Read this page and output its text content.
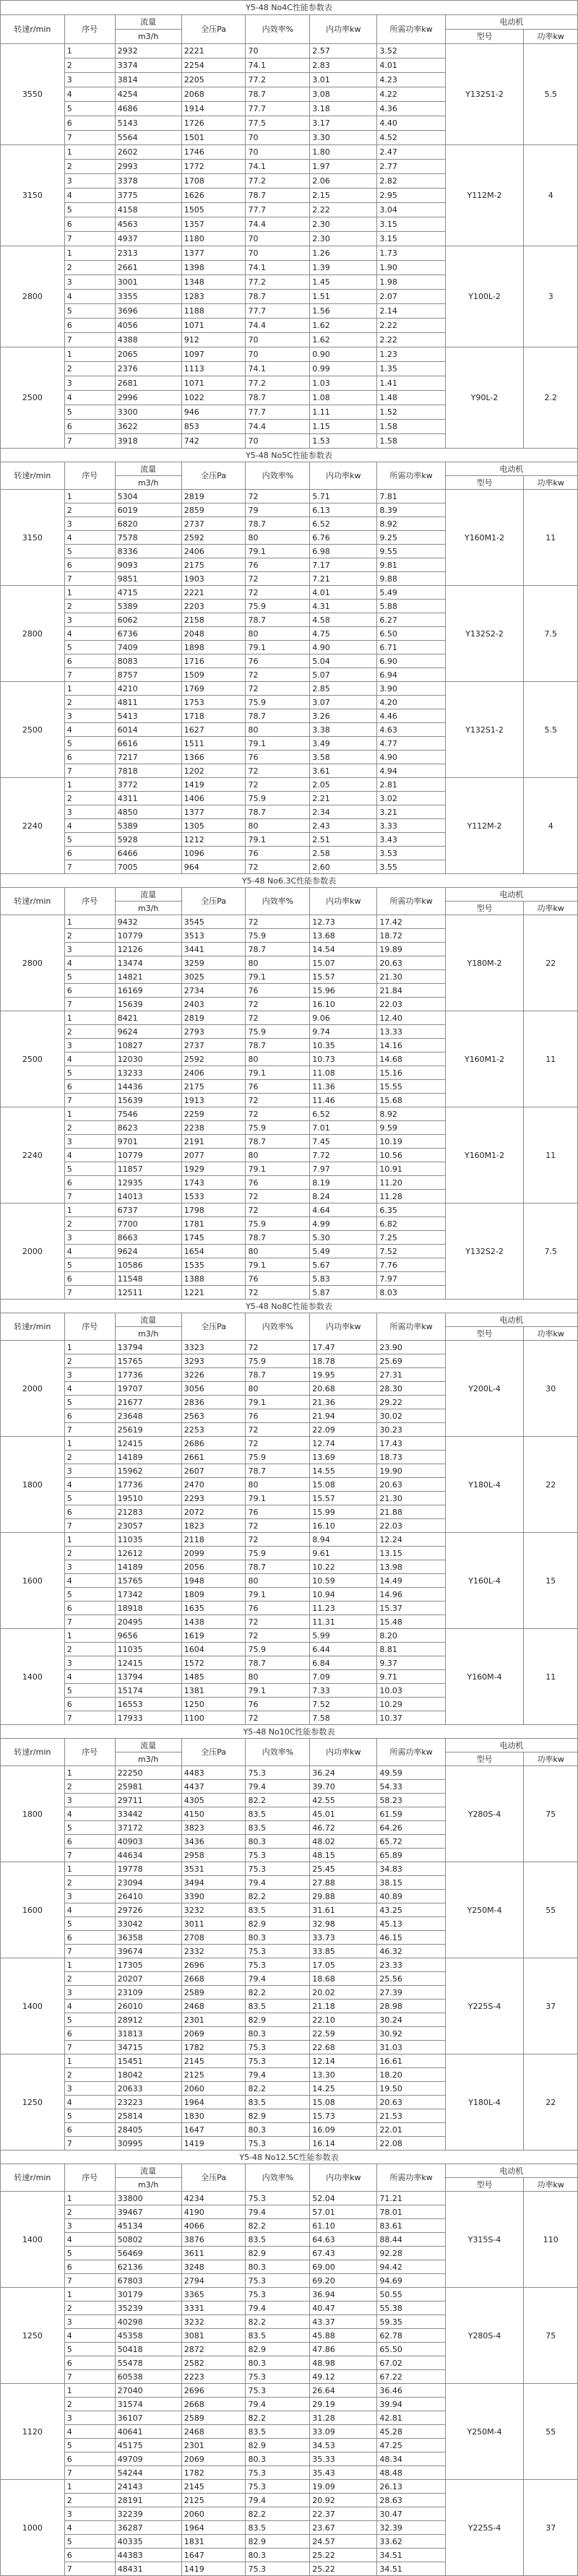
Y5-48 No4C性能参数表								
转速r/min	序号	流量	全压Pa	内效率%	内功率kw	所需功率kw	电动机	
		m3/h					型号	功率kw
3550	1	2932	2221	70	2.57	3.52	Y132S1-2	5.5
	2	3374	2254	74.1	2.83	4.01		
	3	3814	2205	77.2	3.01	4.23		
	4	4254	2068	78.7	3.08	4.22		
	5	4686	1914	77.7	3.18	4.36		
	6	5143	1726	77.5	3.17	4.40		
	7	5564	1501	70	3.30	4.52		
3150	1	2602	1746	70	1.80	2.47	Y112M-2	4
	2	2993	1772	74.1	1.97	2.77		
	3	3378	1708	77.2	2.06	2.82		
	4	3775	1626	78.7	2.15	2.95		
	5	4158	1505	77.7	2.22	3.04		
	6	4563	1357	74.4	2.30	3.15		
	7	4937	1180	70	2.30	3.15		
2800	1	2313	1377	70	1.26	1.73	Y100L-2	3
	2	2661	1398	74.1	1.39	1.90		
	3	3001	1348	77.2	1.45	1.98		
	4	3355	1283	78.7	1.51	2.07		
	5	3696	1188	77.7	1.56	2.14		
	6	4056	1071	74.4	1.62	2.22		
	7	4388	912	70	1.62	2.22		
2500	1	2065	1097	70	0.90	1.23	Y90L-2	2.2
	2	2376	1113	74.1	0.99	1.35		
	3	2681	1071	77.2	1.03	1.41		
	4	2996	1022	78.7	1.08	1.48		
	5	3300	946	77.7	1.11	1.52		
	6	3622	853	74.4	1.15	1.58		
	7	3918	742	70	1.53	1.58		
Y5-48 No5C性能参数表								
转速r/min	序号	流量	全压Pa	内效率%	内功率kw	所需功率kw	电动机	
		m3/h					型号	功率kw
3150	1	5304	2819	72	5.71	7.81	Y160M1-2	11
	2	6019	2859	79	6.13	8.39		
	3	6820	2737	78.7	6.52	8.92		
	4	7578	2592	80	6.76	9.25		
	5	8336	2406	79.1	6.98	9.55		
	6	9093	2175	76	7.17	9.81		
	7	9851	1903	72	7.21	9.88		
2800	1	4715	2221	72	4.01	5.49	Y132S2-2	7.5
	2	5389	2203	75.9	4.31	5.88		
	3	6062	2158	78.7	4.58	6.27		
	4	6736	2048	80	4.75	6.50		
	5	7409	1898	79.1	4.90	6.71		
	6	8083	1716	76	5.04	6.90		
	7	8757	1509	72	5.07	6.94		
2500	1	4210	1769	72	2.85	3.90	Y132S1-2	5.5
	2	4811	1753	75.9	3.07	4.20		
	3	5413	1718	78.7	3.26	4.46		
	4	6014	1627	80	3.38	4.63		
	5	6616	1511	79.1	3.49	4.77		
	6	7217	1366	76	3.58	4.90		
	7	7818	1202	72	3.61	4.94		
2240	1	3772	1419	72	2.05	2.81	Y112M-2	4
	2	4311	1406	75.9	2.21	3.02		
	3	4850	1377	78.7	2.34	3.21		
	4	5389	1305	80	2.43	3.33		
	5	5928	1212	79.1	2.51	3.43		
	6	6466	1096	76	2.58	3.53		
	7	7005	964	72	2.60	3.55		
Y5-48 No6.3C性能参数表								
转速r/min	序号	流量	全压Pa	内效率%	内功率kw	所需功率kw	电动机	
		m3/h					型号	功率kw
2800	1	9432	3545	72	12.73	17.42	Y180M-2	22
	2	10779	3513	75.9	13.68	18.72		
	3	12126	3441	78.7	14.54	19.89		
	4	13474	3259	80	15.07	20.63		
	5	14821	3025	79.1	15.57	21.30		
	6	16169	2734	76	15.96	21.84		
	7	15639	2403	72	16.10	22.03		
2500	1	8421	2819	72	9.06	12.40	Y160M1-2	11
	2	9624	2793	75.9	9.74	13.33		
	3	10827	2737	78.7	10.35	14.16		
	4	12030	2592	80	10.73	14.68		
	5	13233	2406	79.1	11.08	15.16		
	6	14436	2175	76	11.36	15.55		
	7	15639	1913	72	11.46	15.68		
2240	1	7546	2259	72	6.52	8.92	Y160M1-2	11
	2	8623	2238	75.9	7.01	9.59		
	3	9701	2191	78.7	7.45	10.19		
	4	10779	2077	80	7.72	10.56		
	5	11857	1929	79.1	7.97	10.91		
	6	12935	1743	76	8.19	11.20		
	7	14013	1533	72	8.24	11.28		
2000	1	6737	1798	72	4.64	6.35	Y132S2-2	7.5
	2	7700	1781	75.9	4.99	6.82		
	3	8663	1745	78.7	5.30	7.25		
	4	9624	1654	80	5.49	7.52		
	5	10586	1535	79.1	5.67	7.76		
	6	11548	1388	76	5.83	7.97		
	7	12511	1221	72	5.87	8.03		
Y5-48 No8C性能参数表								
转速r/min	序号	流量	全压Pa	内效率%	内功率kw	所需功率kw	电动机	
		m3/h					型号	功率kw
2000	1	13794	3323	72	17.47	23.90	Y200L-4	30
	2	15765	3293	75.9	18.78	25.69		
	3	17736	3226	78.7	19.95	27.31		
	4	19707	3056	80	20.68	28.30		
	5	21677	2836	79.1	21.36	29.22		
	6	23648	2563	76	21.94	30.02		
	7	25619	2253	72	22.09	30.23		
1800	1	12415	2686	72	12.74	17.43	Y180L-4	22
	2	14189	2661	75.9	13.69	18.73		
	3	15962	2607	78.7	14.55	19.90		
	4	17736	2470	80	15.08	20.63		
	5	19510	2293	79.1	15.57	21.30		
	6	21283	2072	76	15.99	21.88		
	7	23057	1823	72	16.10	22.03		
1600	1	11035	2118	72	8.94	12.24	Y160L-4	15
	2	12612	2099	75.9	9.61	13.15		
	3	14189	2056	78.7	10.22	13.98		
	4	15765	1948	80	10.59	14.49		
	5	17342	1809	79.1	10.94	14.96		
	6	18918	1635	76	11.23	15.37		
	7	20495	1438	72	11.31	15.48		
1400	1	9656	1619	72	5.99	8.20	Y160M-4	11
	2	11035	1604	75.9	6.44	8.81		
	3	12415	1572	78.7	6.84	9.37		
	4	13794	1485	80	7.09	9.71		
	5	15174	1381	79.1	7.33	10.03		
	6	16553	1250	76	7.52	10.29		
	7	17933	1100	72	7.58	10.37		
Y5-48 No10C性能参数表								
转速r/min	序号	流量	全压Pa	内效率%	内功率kw	所需功率kw	电动机	
		m3/h					型号	功率kw
1800	1	22250	4483	75.3	36.24	49.59	Y280S-4	75
	2	25981	4437	79.4	39.70	54.33		
	3	29711	4305	82.2	42.55	58.23		
	4	33442	4150	83.5	45.01	61.59		
	5	37172	3823	83.5	46.72	64.26		
	6	40903	3436	80.3	48.02	65.72		
	7	44634	2958	75.3	48.15	65.89		
1600	1	19778	3531	75.3	25.45	34.83	Y250M-4	55
	2	23094	3494	79.4	27.88	38.15		
	3	26410	3390	82.2	29.88	40.89		
	4	29726	3232	83.5	31.61	43.25		
	5	33042	3011	82.9	32.98	45.13		
	6	36358	2708	80.3	33.73	46.15		
	7	39674	2332	75.3	33.85	46.32		
1400	1	17305	2696	75.3	17.05	23.33	Y225S-4	37
	2	20207	2668	79.4	18.68	25.56		
	3	23109	2589	82.2	20.02	27.39		
	4	26010	2468	83.5	21.18	28.98		
	5	28912	2301	82.9	22.10	30.24		
	6	31813	2069	80.3	22.59	30.92		
	7	34715	1782	75.3	22.68	31.03		
1250	1	15451	2145	75.3	12.14	16.61	Y180L-4	22
	2	18042	2125	79.4	13.30	18.20		
	3	20633	2060	82.2	14.25	19.50		
	4	23223	1964	83.5	15.08	20.63		
	5	25814	1830	82.9	15.73	21.53		
	6	28405	1647	80.3	16.09	22.01		
	7	30995	1419	75.3	16.14	22.08		
Y5-48 No12.5C性能参数表								
转速r/min	序号	流量	全压Pa	内效率%	内功率kw	所需功率kw	电动机	
		m3/h					型号	功率kw
1400	1	33800	4234	75.3	52.04	71.21	Y315S-4	110
	2	39467	4190	79.4	57.01	78.01		
	3	45134	4066	82.2	61.10	83.61		
	4	50802	3876	83.5	64.63	88.44		
	5	56469	3611	82.9	67.43	92.28		
	6	62136	3248	80.3	69.00	94.42		
	7	67803	2794	75.3	69.20	94.69		
1250	1	30179	3365	75.3	36.94	50.55	Y280S-4	75
	2	35239	3331	79.4	40.47	55.38		
	3	40298	3232	82.2	43.37	59.35		
	4	45358	3081	83.5	45.88	62.78		
	5	50418	2872	82.9	47.86	65.50		
	6	55478	2582	80.3	48.98	67.02		
	7	60538	2223	75.3	49.12	67.22		
1120	1	27040	2696	75.3	26.64	36.46	Y250M-4	55
	2	31574	2668	79.4	29.19	39.94		
	3	36107	2589	82.2	31.28	42.81		
	4	40641	2468	83.5	33.09	45.28		
	5	45175	2301	82.9	34.53	47.25		
	6	49709	2069	80.3	35.33	48.34		
	7	54244	1782	75.3	35.43	48.48		
1000	1	24143	2145	75.3	19.09	26.13	Y225S-4	37
	2	28191	2125	79.4	20.92	28.63		
	3	32239	2060	82.2	22.37	30.47		
	4	36287	1964	83.5	23.67	32.39		
	5	40335	1831	82.9	24.57	33.62		
	6	44383	1647	80.3	25.22	34.51		
	7	48431	1419	75.3	25.22	34.51		
